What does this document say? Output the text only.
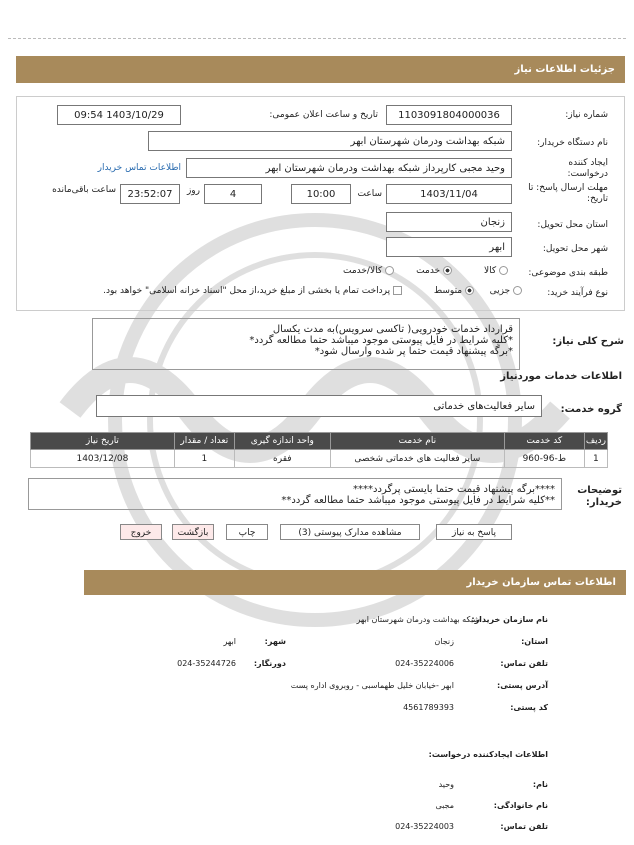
جزئیات اطلاعات نیاز
شماره نیاز:
1103091804000036
تاریخ و ساعت اعلان عمومی:
1403/10/29 09:54
نام دستگاه خریدار:
شبکه بهداشت ودرمان شهرستان ابهر
ایجاد کننده درخواست:
وحید مجبی کارپرداز شبکه بهداشت ودرمان شهرستان ابهر
اطلاعات تماس خریدار
مهلت ارسال پاسخ: تا تاریخ:
1403/11/04
ساعت
10:00
4
روز
23:52:07
ساعت باقی‌مانده
استان محل تحویل:
زنجان
شهر محل تحویل:
ابهر
طبقه بندی موضوعی:
کالا
خدمت
کالا/خدمت
نوع فرآیند خرید:
جزیی
متوسط
پرداخت تمام یا بخشی از مبلغ خرید،از محل "اسناد خزانه اسلامی" خواهد بود.
شرح کلی نیاز:
قرارداد خدمات خودرویی( تاکسی سرویس)به مدت یکسال
*کلیه شرایط در فایل پیوستی موجود میباشد حتما مطالعه گردد*
*برگه پیشنهاد قیمت حتما پر شده وارسال شود*
اطلاعات خدمات موردنیاز
گروه خدمت:
سایر فعالیت‌های خدماتی
ردیف	کد خدمت	نام خدمت	واحد اندازه گیری	تعداد / مقدار	تاریخ نیاز
1	ط-96-960	سایر فعالیت های خدماتی شخصی	فقره	1	1403/12/08
توضیحات خریدار:
****برگه پیشنهاد قیمت حتما بایستی پرگردد****
**کلیه شرایط در فایل پیوستی موجود میباشد حتما مطالعه گردد**
پاسخ به نیاز
مشاهده مدارک پیوستی (3)
چاپ
بازگشت
خروج
اطلاعات تماس سازمان خریدار
نام سازمان خریدار:
شبکه بهداشت ودرمان شهرستان ابهر
استان:
زنجان
شهر:
ابهر
تلفن تماس:
024-35224006
دورنگار:
024-35244726
آدرس پستی:
ابهر -خیابان خلیل طهماسبی - روبروی اداره پست
کد پستی:
4561789393
اطلاعات ایجادکننده درخواست:
نام:
وحید
نام خانوادگی:
مجبی
تلفن تماس:
024-35224003
